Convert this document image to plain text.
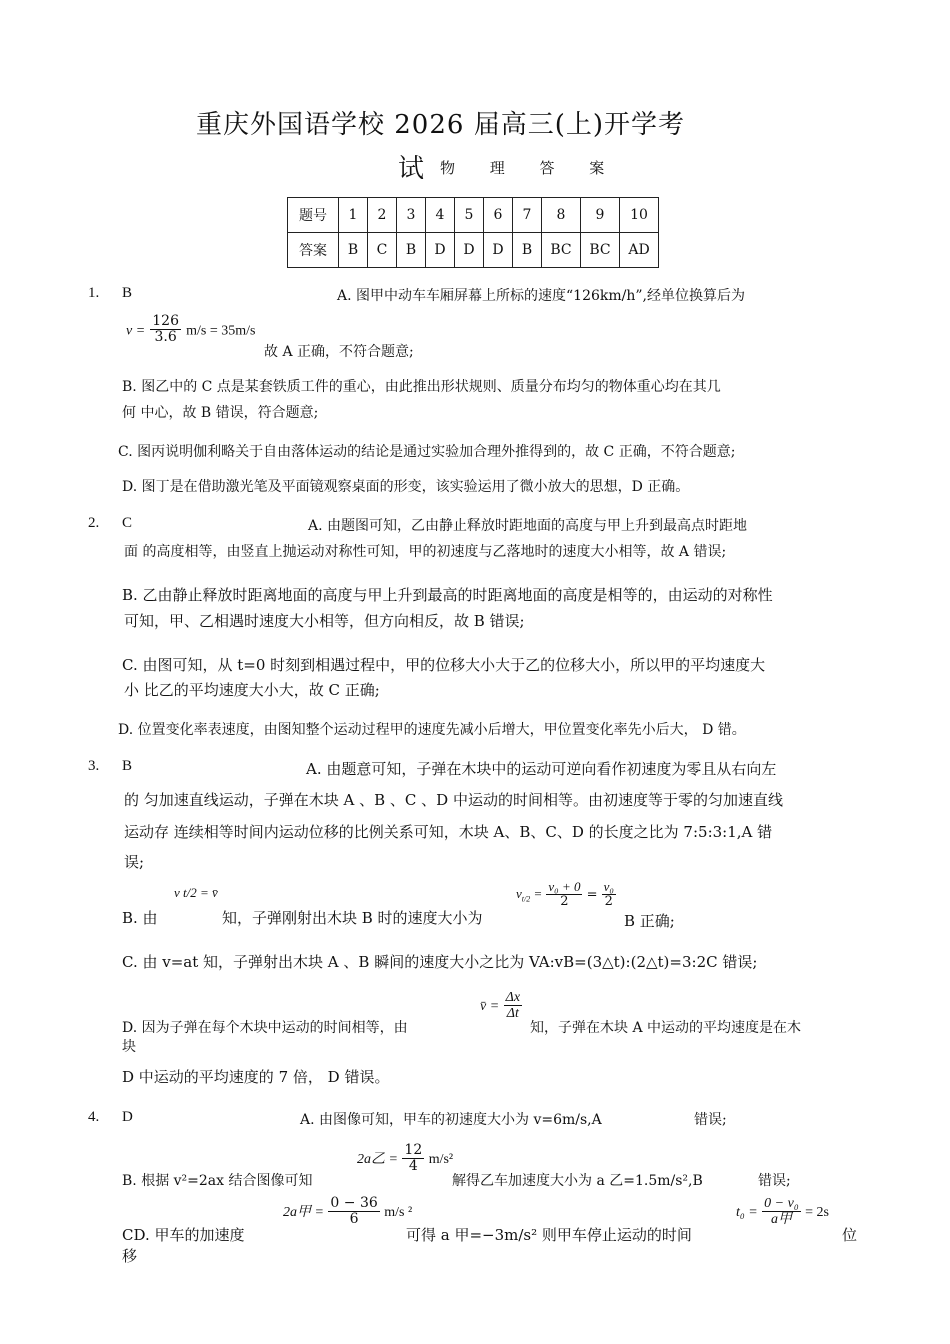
重庆外国语学校 2026 届高三(上)开学考
试 物 理 答 案
题号	1	2	3	4	5	6	7	8	9	10
答案	B	C	B	D	D	D	B	BC	BC	AD
1. B	A. 图甲中动车车厢屏幕上所标的速度“126km/h”,经单位换算后为
$v = \frac{126}{3.6} m/s = 35m/s$
故 A 正确，不符合题意;
B. 图乙中的 C 点是某套铁质工件的重心，由此推出形状规则、质量分布均匀的物体重心均在其几
何 中心，故 B 错误，符合题意;
C. 图丙说明伽利略关于自由落体运动的结论是通过实验加合理外推得到的，故 C 正确，不符合题意;
D. 图丁是在借助激光笔及平面镜观察桌面的形变，该实验运用了微小放大的思想，D 正确。
2. C	A. 由题图可知，乙由静止释放时距地面的高度与甲上升到最高点时距地
面 的高度相等，由竖直上抛运动对称性可知，甲的初速度与乙落地时的速度大小相等，故 A 错误;
B. 乙由静止释放时距离地面的高度与甲上升到最高的时距离地面的高度是相等的，由运动的对称性
可知，甲、乙相遇时速度大小相等，但方向相反，故 B 错误;
C. 由图可知，从 t=0 时刻到相遇过程中，甲的位移大小大于乙的位移大小，所以甲的平均速度大
小 比乙的平均速度大小大，故 C 正确;
D. 位置变化率表速度，由图知整个运动过程甲的速度先减小后增大，甲位置变化率先小后大， D 错。
3. B	A. 由题意可知，子弹在木块中的运动可逆向看作初速度为零且从右向左
的 匀加速直线运动，子弹在木块 A 、B 、C 、D 中运动的时间相等。由初速度等于零的匀加速直线
运动存 连续相等时间内运动位移的比例关系可知，木块 A、B、C、D 的长度之比为 7:5:3:1,A 错
误;
B. 由
v t/2 = v̄
知，子弹刚射出木块 B 时的速度大小为
$v_{t/2} = \frac{\text{v₀ + 0}}{2} = \frac{\text{v₀}}{2}$
B 正确;
C. 由 v=at 知，子弹射出木块 A 、B 瞬间的速度大小之比为 VA:vB=(3△t):(2△t)=3:2C 错误;
D. 因为子弹在每个木块中运动的时间相等，由
v̄ = $\frac{\Delta x}{\Delta t}$
知，子弹在木块 A 中运动的平均速度是在木
块
D 中运动的平均速度的 7 倍， D 错误。
4. D	A. 由图像可知，甲车的初速度大小为 v=6m/s,A	错误;
B. 根据 v²=2ax 结合图像可知
2a乙 = $\frac{12}{4} m/s^2$
解得乙车加速度大小为 a 乙=1.5m/s²,B	错误;
CD. 甲车的加速度
2a甲 = $\frac{0 - 36}{6} m/s$ ²
可得 a 甲=−3m/s² 则甲车停止运动的时间
$t_0 = \frac{\text{0 − v₀}}{\text{a甲}} = 2s$
位
移
